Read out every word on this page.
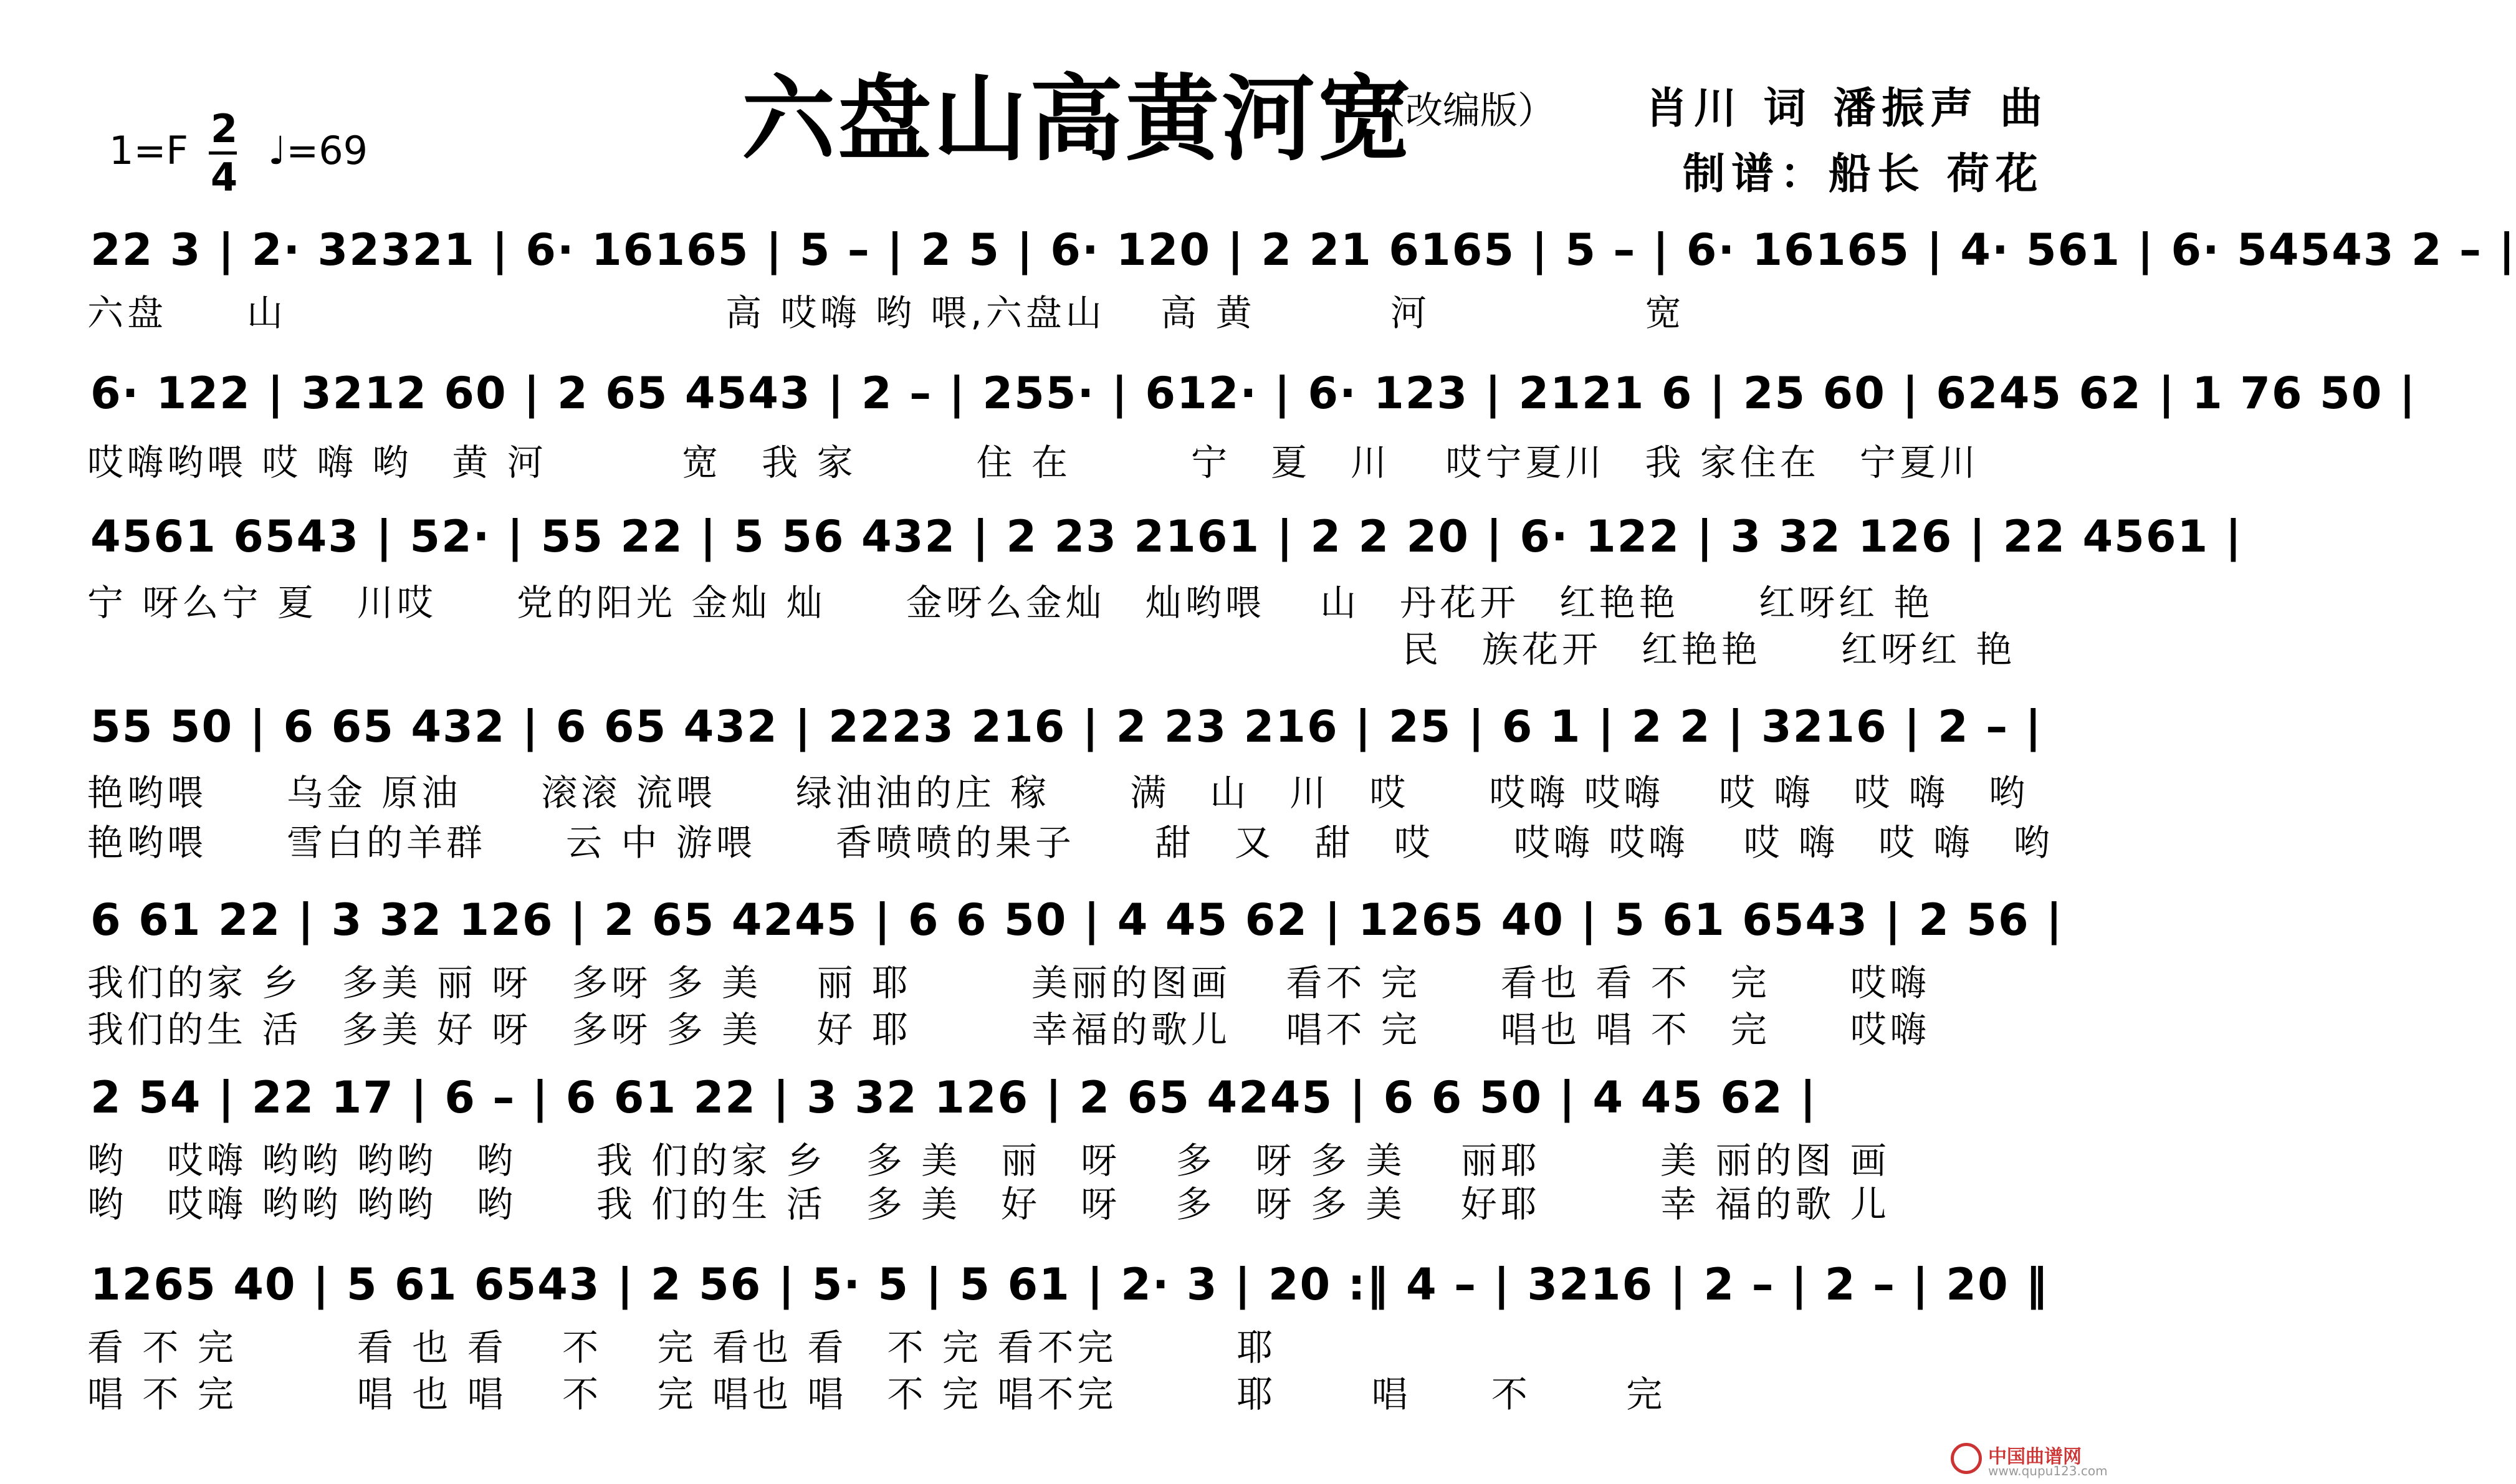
六盘山高黄河宽
（改编版） 肖川 词 潘振声 曲
制谱：船长 荷花
1=F 2
4
♩=69
22 3 | 2· 32321 | 6· 16165 | 5 – | 2 5 | 6· 120 | 2 21 6165 | 5 – | 6· 16165 | 4· 561 | 6· 54543 2 – |
六盘　　山　　　　　　　　　　　高 哎嗨 哟 喂,六盘山　 高 黄　　　 河　　　　　 宽
6· 122 | 3212 60 | 2 65 4543 | 2 – | 255· | 612· | 6· 123 | 2121 6 | 25 60 | 6245 62 | 1 76 50 |
哎嗨哟喂 哎 嗨 哟　黄 河　　　 宽　我 家　　　住 在　　　宁　夏　川　 哎宁夏川　我 家住在　宁夏川
4561 6543 | 52· | 55 22 | 5 56 432 | 2 23 2161 | 2 2 20 | 6· 122 | 3 32 126 | 22 4561 |
宁 呀么宁 夏　川哎　　党的阳光 金灿 灿　　金呀么金灿　灿哟喂　 山　丹花开　红艳艳　　红呀红 艳
民　族花开　红艳艳　　红呀红 艳
55 50 | 6 65 432 | 6 65 432 | 2223 216 | 2 23 216 | 25 | 6 1 | 2 2 | 3216 | 2 – |
艳哟喂　　乌金 原油　　滚滚 流喂　　绿油油的庄 稼　　满　山　川　哎　　哎嗨 哎嗨　 哎 嗨　哎 嗨　哟
艳哟喂　　雪白的羊群　　云 中 游喂　　香喷喷的果子　　甜　又　甜　哎　　哎嗨 哎嗨　 哎 嗨　哎 嗨　哟
6 61 22 | 3 32 126 | 2 65 4245 | 6 6 50 | 4 45 62 | 1265 40 | 5 61 6543 | 2 56 |
我们的家 乡　多美 丽 呀　多呀 多 美　 丽 耶　　　美丽的图画　 看不 完　　看也 看 不　完　　哎嗨
我们的生 活　多美 好 呀　多呀 多 美　 好 耶　　　幸福的歌儿　 唱不 完　　唱也 唱 不　完　　哎嗨
2 54 | 22 17 | 6 – | 6 61 22 | 3 32 126 | 2 65 4245 | 6 6 50 | 4 45 62 |
哟　哎嗨 哟哟 哟哟　哟　　我 们的家 乡　多 美　丽　呀　 多　呀 多 美　 丽耶　　　美 丽的图 画
哟　哎嗨 哟哟 哟哟　哟　　我 们的生 活　多 美　好　呀　 多　呀 多 美　 好耶　　　幸 福的歌 儿
1265 40 | 5 61 6543 | 2 56 | 5· 5 | 5 61 | 2· 3 | 20 :‖ 4 – | 3216 | 2 – | 2 – | 20 ‖
看 不 完　　　看 也 看　 不　 完 看也 看　不 完 看不完　　　耶
唱 不 完　　　唱 也 唱　 不　 完 唱也 唱　不 完 唱不完　　　耶　　 唱　　不　　 完
中国曲谱网
www.qupu123.com
